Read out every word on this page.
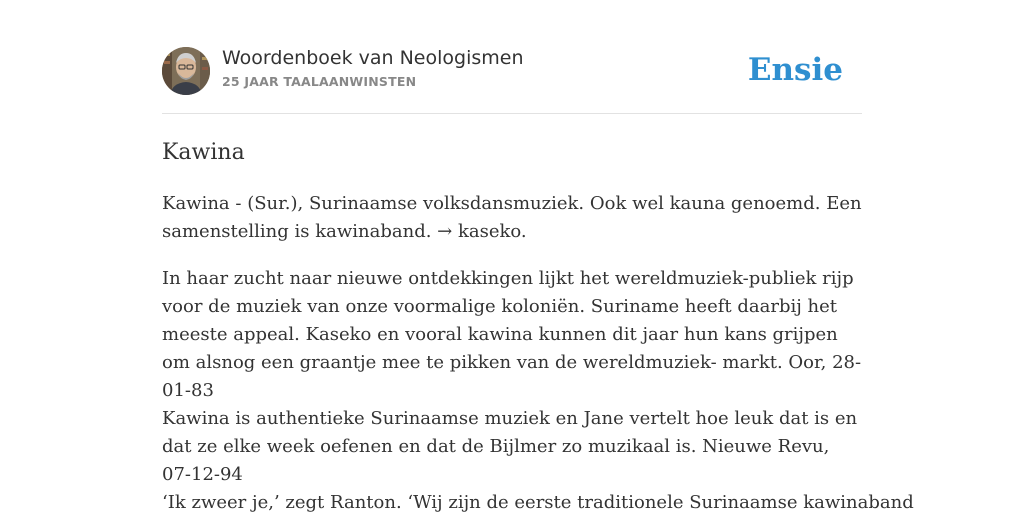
Woordenboek van Neologismen
25 JAAR TAALAANWINSTEN	Ensie
Kawina

Kawina - (Sur.), Surinaamse volksdansmuziek. Ook wel kauna genoemd. Een samenstelling is kawinaband. → kaseko.

In haar zucht naar nieuwe ontdekkingen lijkt het wereldmuziek-publiek rijp voor de muziek van onze voormalige koloniën. Suriname heeft daarbij het meeste appeal. Kaseko en vooral kawina kunnen dit jaar hun kans grijpen om alsnog een graantje mee te pikken van de wereldmuziek- markt. Oor, 28-01-83

Kawina is authentieke Surinaamse muziek en Jane vertelt hoe leuk dat is en dat ze elke week oefenen en dat de Bijlmer zo muzikaal is. Nieuwe Revu, 07-12-94

‘Ik zweer je,’ zegt Ranton. ‘Wij zijn de eerste traditionele Surinaamse kawinaband
